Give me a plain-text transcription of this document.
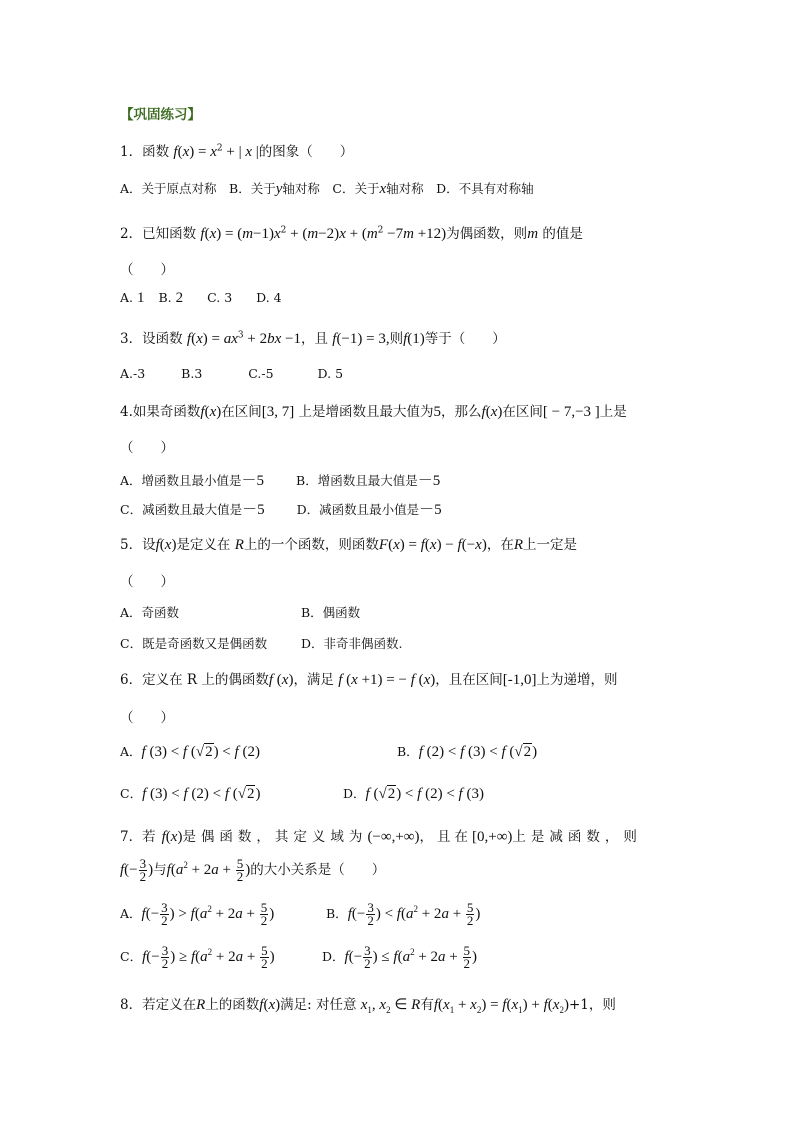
【巩固练习】
1．函数 $f(x) = x^2$ + | x |的图象（　　）
A．关于原点对称　B．关于y轴对称　C．关于x轴对称　D．不具有对称轴
2．已知函数 $f(x) = (m-1)x^2 + (m-2)x + (m^2 -7m +12)$为偶函数，则m 的值是
（　　）
A. 1 B. 2 C. 3 D. 4
3．设函数 $f(x) = ax^3 + 2bx -1$，且 f(−1) = 3,则f(1)等于（　　）
A.-3	B.3	C.-5	D. 5
4.如果奇函数f(x)在区间[3, 7] 上是增函数且最大值为5，那么f(x)在区间[ − 7,−3 ]上是
（　　）
A．增函数且最小值是－5	B．增函数且最大值是－5
C．减函数且最大值是－5	D．减函数且最小值是－5
5．设f(x)是定义在 R上的一个函数，则函数F(x) = f(x) − f(−x)，在R上一定是
（　　）
A．奇函数	B．偶函数
C．既是奇函数又是偶函数	D．非奇非偶函数.
6．定义在 R 上的偶函数f (x)，满足 f (x +1) = − f (x)，且在区间[-1,0]上为递增，则
（　　）
A．f (3) < f (√2) < f (2)	B．f (2) < f (3) < f (√2)
C．f (3) < f (2) < f (√2)	D．f (√2) < f (2) < f (3)
7．若f(x)是偶函数，其定义域为(−∞,+∞)，且在[0,+∞)上是减函数，则
$f(- \frac{3}{2}$ )与$f(a^2 + 2a + \frac{5}{2}$ )的大小关系是（　　）
A．$f(- \frac{3}{2}$ ) > $f(a^2 + 2a + \frac{5}{2}$ )	B．$f(- \frac{3}{2}$ ) < $f(a^2 + 2a + \frac{5}{2}$ )
C．$f(- \frac{3}{2}$ ) ≥ $f(a^2 + 2a + \frac{5}{2}$ )	D．$f(- \frac{3}{2}$ ) ≤ $f(a^2 + 2a + \frac{5}{2}$ )
8．若定义在R上的函数f(x)满足: 对任意 $x_1$, $x_2$ ∈ R有$f(x_1 + x_2) = f(x_1) + f(x_2)+1$，则
